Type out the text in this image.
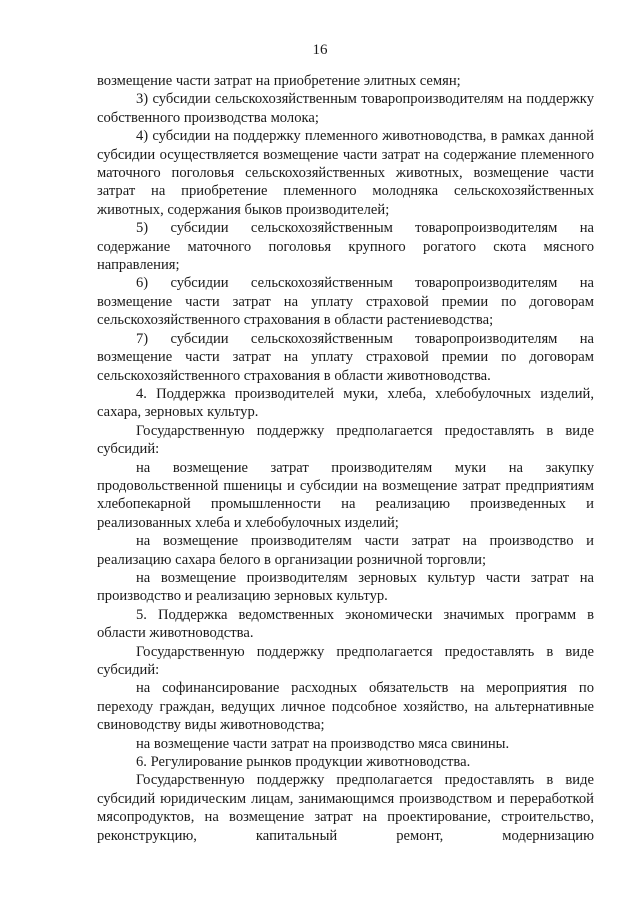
16

возмещение части затрат на приобретение элитных семян;

3) субсидии сельскохозяйственным товаропроизводителям на поддержку собственного производства молока;

4) субсидии на поддержку племенного животноводства, в рамках данной субсидии осуществляется возмещение части затрат на содержание племенного маточного поголовья сельскохозяйственных животных, возмещение части затрат на приобретение племенного молодняка сельскохозяйственных животных, содержания быков производителей;

5) субсидии сельскохозяйственным товаропроизводителям на содержание маточного поголовья крупного рогатого скота мясного направления;

6) субсидии сельскохозяйственным товаропроизводителям на возмещение части затрат на уплату страховой премии по договорам сельскохозяйственного страхования в области растениеводства;

7) субсидии сельскохозяйственным товаропроизводителям на возмещение части затрат на уплату страховой премии по договорам сельскохозяйственного страхования в области животноводства.

4. Поддержка производителей муки, хлеба, хлебобулочных изделий, сахара, зерновых культур.

Государственную поддержку предполагается предоставлять в виде субсидий:

на возмещение затрат производителям муки на закупку продовольственной пшеницы и субсидии на возмещение затрат предприятиям хлебопекарной промышленности на реализацию произведенных и реализованных хлеба и хлебобулочных изделий;

на возмещение производителям части затрат на производство и реализацию сахара белого в организации розничной торговли;

на возмещение производителям зерновых культур части затрат на производство и реализацию зерновых культур.

5. Поддержка ведомственных экономически значимых программ в области животноводства.

Государственную поддержку предполагается предоставлять в виде субсидий:

на софинансирование расходных обязательств на мероприятия по переходу граждан, ведущих личное подсобное хозяйство, на альтернативные свиноводству виды животноводства;

на возмещение части затрат на производство мяса свинины.

6. Регулирование рынков продукции животноводства.

Государственную поддержку предполагается предоставлять в виде субсидий юридическим лицам, занимающимся производством и переработкой мясопродуктов, на возмещение затрат на проектирование, строительство, реконструкцию, капитальный ремонт, модернизацию
